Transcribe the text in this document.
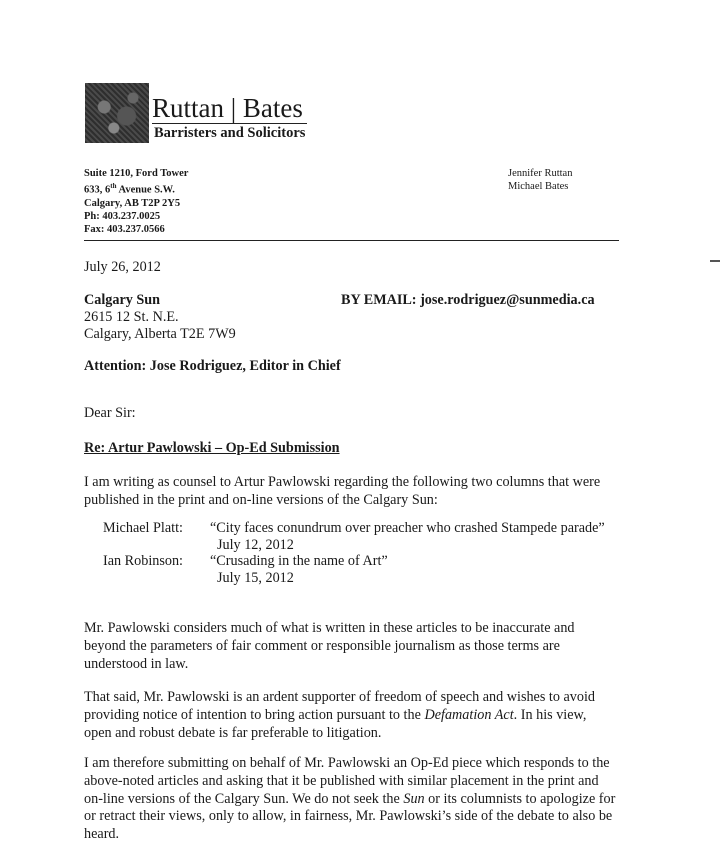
Ruttan | Bates
Barristers and Solicitors
Suite 1210, Ford Tower
633, 6th Avenue S.W.
Calgary, AB T2P 2Y5
Ph: 403.237.0025
Fax: 403.237.0566
Jennifer Ruttan
Michael Bates
July 26, 2012
Calgary Sun
2615 12 St. N.E.
Calgary, Alberta T2E 7W9
BY EMAIL: jose.rodriguez@sunmedia.ca
Attention: Jose Rodriguez, Editor in Chief
Dear Sir:
Re: Artur Pawlowski – Op-Ed Submission
I am writing as counsel to Artur Pawlowski regarding the following two columns that were
published in the print and on-line versions of the Calgary Sun:
Michael Platt: “City faces conundrum over preacher who crashed Stampede parade”
July 12, 2012
Ian Robinson: “Crusading in the name of Art”
July 15, 2012
Mr. Pawlowski considers much of what is written in these articles to be inaccurate and
beyond the parameters of fair comment or responsible journalism as those terms are
understood in law.
That said, Mr. Pawlowski is an ardent supporter of freedom of speech and wishes to avoid
providing notice of intention to bring action pursuant to the Defamation Act. In his view,
open and robust debate is far preferable to litigation.
I am therefore submitting on behalf of Mr. Pawlowski an Op-Ed piece which responds to the
above-noted articles and asking that it be published with similar placement in the print and
on-line versions of the Calgary Sun. We do not seek the Sun or its columnists to apologize for
or retract their views, only to allow, in fairness, Mr. Pawlowski’s side of the debate to also be
heard.
